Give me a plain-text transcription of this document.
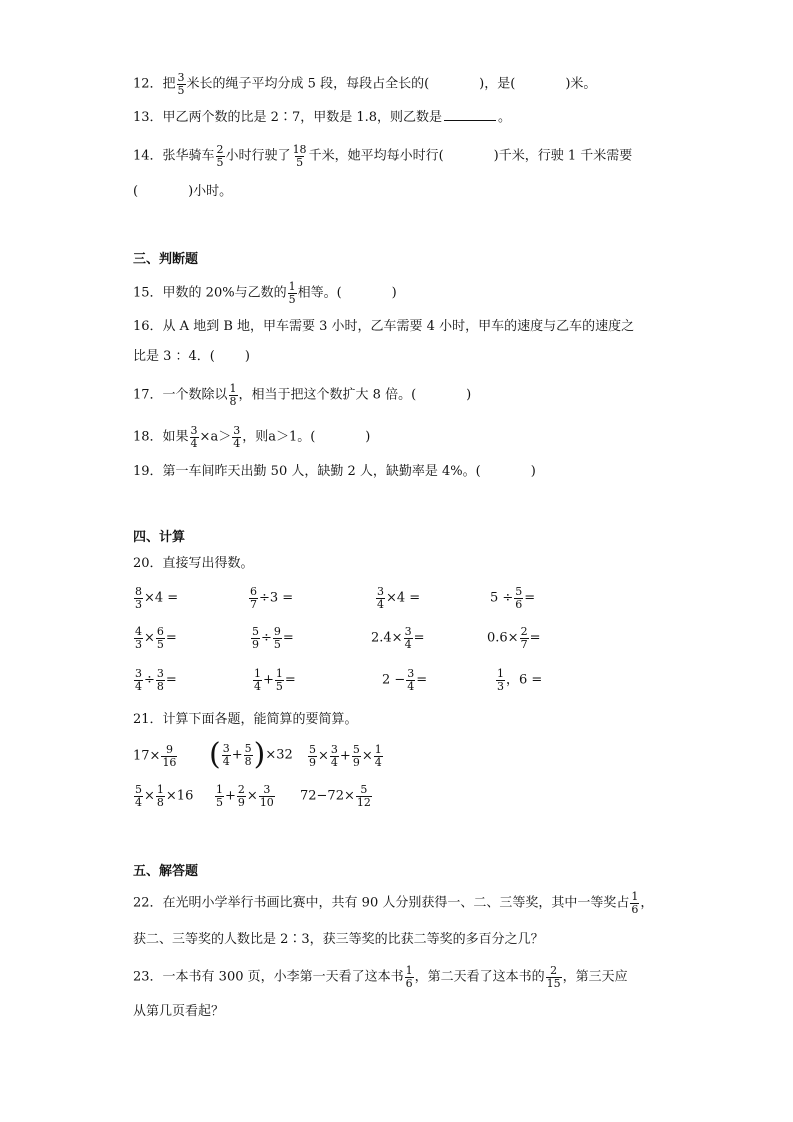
12．把 $\frac{3}{5}$ 米长的绳子平均分成 5 段，每段占全长的(	)，是(	)米。
13．甲乙两个数的比是 2∶7，甲数是 1.8，则乙数是	。
14．张华骑车 $\frac{2}{5}$ 小时行驶了 $\frac{18}{5}$ 千米，她平均每小时行(	)千米，行驶 1 千米需要
(	)小时。
三、判断题
15．甲数的 20%与乙数的 $\frac{1}{5}$ 相等。(	)
16．从 A 地到 B 地，甲车需要 3 小时，乙车需要 4 小时，甲车的速度与乙车的速度之
比是 3 ：4．( )
17．一个数除以 $\frac{1}{8}$ ，相当于把这个数扩大 8 倍。(	)
18．如果 $\frac{3}{4} \times a> \frac{3}{4}$ ，则a＞1。(	)
19．第一车间昨天出勤 50 人，缺勤 2 人，缺勤率是 4%。(	)
四、计算
20．直接写出得数。
$\frac{8}{3} \times 4$ =	$\frac{6}{7} \div 3$ =	$\frac{3}{4} \times 4$ =	$5 \div \frac{5}{6}$ =
$\frac{4}{3} \times \frac{6}{5}$ =	$\frac{5}{9} \div \frac{9}{5}$ =	$2.4\times \frac{3}{4}$ =	$0.6\times \frac{2}{7}$ =
$\frac{3}{4} \div \frac{3}{8}$ =	$\frac{1}{4} + \frac{1}{5}$ =	$2 - \frac{3}{4}$ =	$\frac{1}{3}$ ，6 =
21．计算下面各题，能简算的要简算。
$17\times \frac{9}{16}$ ( $\frac{3}{4} + \frac{5}{8} )\times 32 \frac{5}{9} \times \frac{3}{4} + \frac{5}{9} \times \frac{1}{4}$
$\frac{5}{4} \times \frac{1}{8} \times 16 \frac{1}{5} + \frac{2}{9} \times \frac{3}{10} 72-72\times \frac{5}{12}$
五、解答题
22．在光明小学举行书画比赛中，共有 90 人分别获得一、二、三等奖，其中一等奖占 $\frac{1}{6}$ ，
获二、三等奖的人数比是 2∶3，获三等奖的比获二等奖的多百分之几？
23．一本书有 300 页，小李第一天看了这本书 $\frac{1}{6}$ ，第二天看了这本书的 $\frac{2}{15}$ ，第三天应
从第几页看起？
